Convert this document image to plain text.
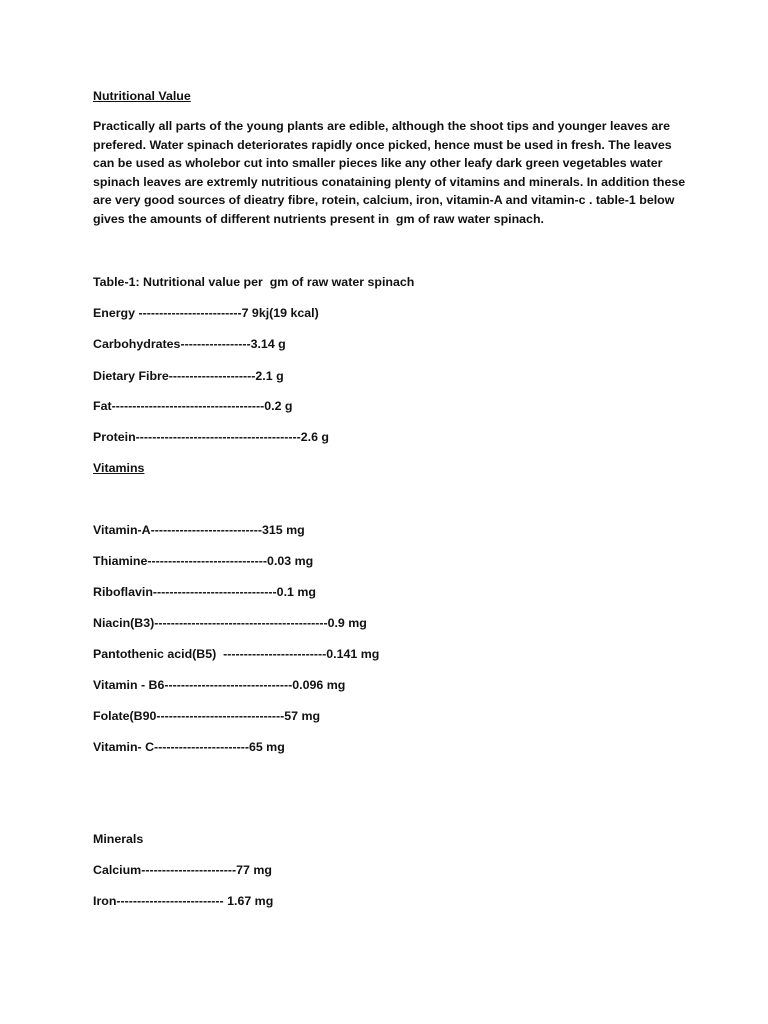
Nutritional Value
Practically all parts of the young plants are edible, although the shoot tips and younger leaves are
prefered. Water spinach deteriorates rapidly once picked, hence must be used in fresh. The leaves
can be used as wholebor cut into smaller pieces like any other leafy dark green vegetables water
spinach leaves are extremly nutritious conataining plenty of vitamins and minerals. In addition these
are very good sources of dieatry fibre, rotein, calcium, iron, vitamin-A and vitamin-c . table-1 below
gives the amounts of different nutrients present in  gm of raw water spinach.
Table-1: Nutritional value per  gm of raw water spinach
Energy -------------------------7 9kj(19 kcal)
Carbohydrates-----------------3.14 g
Dietary Fibre---------------------2.1 g
Fat-------------------------------------0.2 g
Protein----------------------------------------2.6 g
Vitamins
Vitamin-A---------------------------315 mg
Thiamine-----------------------------0.03 mg
Riboflavin------------------------------0.1 mg
Niacin(B3)------------------------------------------0.9 mg
Pantothenic acid(B5)  -------------------------0.141 mg
Vitamin - B6-------------------------------0.096 mg
Folate(B90-------------------------------57 mg
Vitamin- C-----------------------65 mg
Minerals
Calcium-----------------------77 mg
Iron-------------------------- 1.67 mg
